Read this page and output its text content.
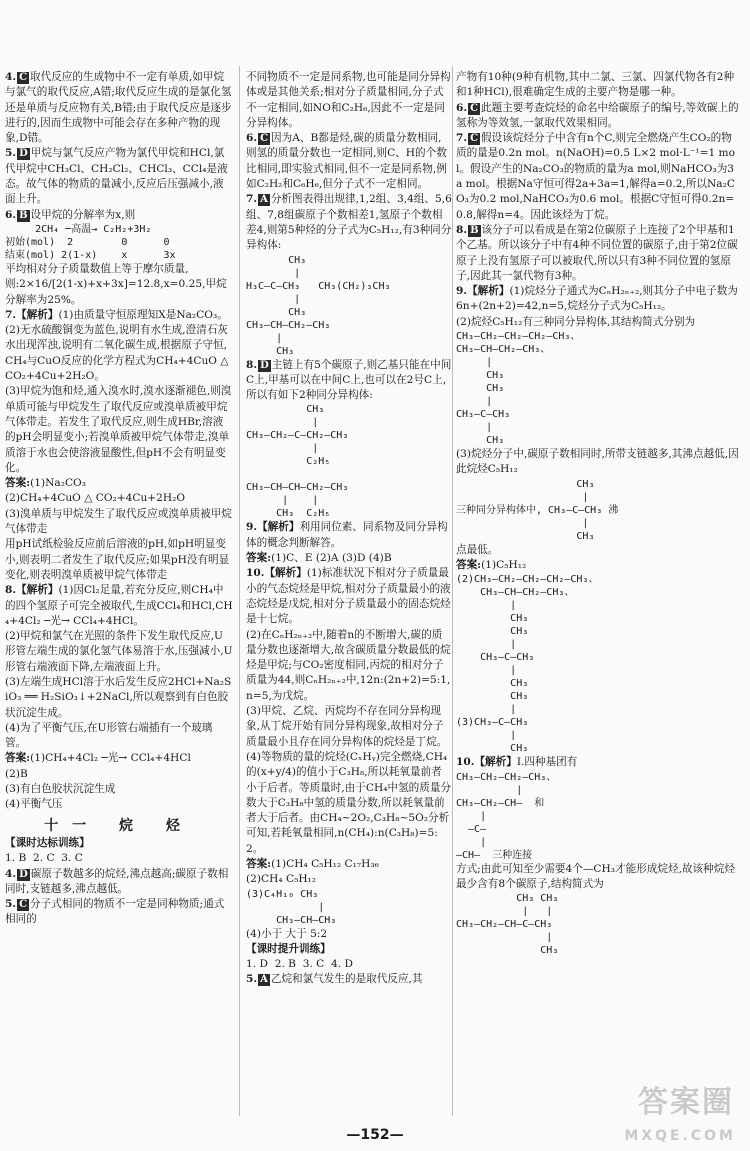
4. C 取代反应的生成物中不一定有单质,如甲烷与氯气的取代反应,A错;取代反应生成的是氯化氢还是单质与反应物有关,B错;由于取代反应是逐步进行的,因而生成物中可能会存在多种产物的现象,D错。
5. D 甲烷与氯气反应产物为氯代甲烷和HCl,氯代甲烷中CH₃Cl、CH₂Cl₂、CHCl₃、CCl₄是液态。故气体的物质的量减小,反应后压强减小,液面上升。
6. B 设甲烷的分解率为x,则
2CH₄ ─高温→ C₂H₂+3H₂
初始(mol)  2        0      0
结束(mol) 2(1-x)    x      3x
平均相对分子质量数值上等于摩尔质量,
则:2×16/[2(1-x)+x+3x]=12.8,x=0.25,甲烷分解率为25%。
7.【解析】(1)由质量守恒原理知X是Na₂CO₃。
(2)无水硫酸铜变为蓝色,说明有水生成,澄清石灰水出现浑浊,说明有二氧化碳生成,根据原子守恒,CH₄与CuO反应的化学方程式为CH₄+4CuO △ CO₂+4Cu+2H₂O。
(3)甲烷为饱和烃,通入溴水时,溴水逐渐褪色,则溴单质可能与甲烷发生了取代反应或溴单质被甲烷气体带走。若发生了取代反应,则生成HBr,溶液的pH会明显变小;若溴单质被甲烷气体带走,溴单质溶于水也会使溶液显酸性,但pH不会有明显变化。
答案:(1)Na₂CO₃
(2)CH₄+4CuO △ CO₂+4Cu+2H₂O
(3)溴单质与甲烷发生了取代反应或溴单质被甲烷气体带走
用pH试纸检验反应前后溶液的pH,如pH明显变小,则表明二者发生了取代反应;如果pH没有明显变化,则表明溴单质被甲烷气体带走
8.【解析】(1)因Cl₂足量,若充分反应,则CH₄中的四个氢原子可完全被取代,生成CCl₄和HCl,CH₄+4Cl₂ ─光→ CCl₄+4HCl。
(2)甲烷和氯气在光照的条件下发生取代反应,U形管左端生成的氯化氢气体易溶于水,压强减小,U形管右端液面下降,左端液面上升。
(3)左端生成HCl溶于水后发生反应2HCl+Na₂SiO₃ ══ H₂SiO₃↓+2NaCl,所以观察到有白色胶状沉淀生成。
(4)为了平衡气压,在U形管右端插有一个玻璃管。
答案:(1)CH₄+4Cl₂ ─光→ CCl₄+4HCl
(2)B
(3)有白色胶状沉淀生成
(4)平衡气压
十一 烷 烃
【课时达标训练】
1. B  2. C  3. C
4. D 碳原子数越多的烷烃,沸点越高;碳原子数相同时,支链越多,沸点越低。
5. C 分子式相同的物质不一定是同种物质;通式相同的
不同物质不一定是同系物,也可能是同分异构体或是其他关系;相对分子质量相同,分子式不一定相同,如NO和C₂H₆,因此不一定是同分异构体。
6. C 因为A、B都是烃,碳的质量分数相同,则氢的质量分数也一定相同,则C、H的个数比相同,即实验式相同,但不一定是同系物,例如C₂H₂和C₆H₆,但分子式不一定相同。
7. A 分析图表得出规律,1,2组、3,4组、5,6组、7,8组碳原子个数相差1,氢原子个数相差4,则第5种烃的分子式为C₅H₁₂,有3种同分异构体:
CH₃
|
H₃C—C—CH₃   CH₃(CH₂)₃CH₃
|
CH₃
CH₃—CH—CH₂—CH₃
|
CH₃
8. D 主链上有5个碳原子,则乙基只能在中间C上,甲基可以在中间C上,也可以在2号C上,所以有如下2种同分异构体:
CH₃
|
CH₃—CH₂—C—CH₂—CH₃
|
C₂H₅

CH₃—CH—CH—CH₂—CH₃
|    |
CH₃  C₂H₅
9.【解析】利用同位素、同系物及同分异构体的概念判断解答。
答案:(1)C、E (2)A (3)D (4)B
10.【解析】(1)标准状况下相对分子质量最小的气态烷烃是甲烷,相对分子质量最小的液态烷烃是戊烷,相对分子质量最小的固态烷烃是十七烷。
(2)在CₙH₂ₙ₊₂中,随着n的不断增大,碳的质量分数也逐渐增大,故含碳质量分数最低的烷烃是甲烷;与CO₂密度相同,丙烷的相对分子质量为44,则CₙH₂ₙ₊₂中,12n:(2n+2)=5:1,n=5,为戊烷。
(3)甲烷、乙烷、丙烷均不存在同分异构现象,从丁烷开始有同分异构现象,故相对分子质量最小且存在同分异构体的烷烃是丁烷。
(4)等物质的量的烷烃(CₓHᵧ)完全燃烧,CH₄的(x+y/4)的值小于C₃H₈,所以耗氧量前者小于后者。等质量时,由于CH₄中氢的质量分数大于C₃H₈中氢的质量分数,所以耗氧量前者大于后者。由CH₄~2O₂,C₃H₈~5O₂分析可知,若耗氧量相同,n(CH₄):n(C₃H₈)=5:2。
答案:(1)CH₄ C₅H₁₂ C₁₇H₃₆
(2)CH₄ C₅H₁₂
(3)C₄H₁₀ CH₃
|
CH₃—CH—CH₃
(4)小于 大于 5:2
【课时提升训练】
1. D  2. B  3. C  4. D
5. A 乙烷和氯气发生的是取代反应,其
产物有10种(9种有机物,其中二氯、三氯、四氯代物各有2种和1种HCl),很难确定生成的主要产物是哪一种。
6. C 此题主要考查烷烃的命名中给碳原子的编号,等效碳上的氢称为等效氢,一氯取代效果相同。
7. C 假设该烷烃分子中含有n个C,则完全燃烧产生CO₂的物质的量是0.2n mol。n(NaOH)=0.5 L×2 mol·L⁻¹=1 mol。假设产生的Na₂CO₃的物质的量为a mol,则NaHCO₃为3a mol。根据Na守恒可得2a+3a=1,解得a=0.2,所以Na₂CO₃为0.2 mol,NaHCO₃为0.6 mol。根据C守恒可得0.2n=0.8,解得n=4。因此该烃为丁烷。
8. B 该分子可以看成是在第2位碳原子上连接了2个甲基和1个乙基。所以该分子中有4种不同位置的碳原子,由于第2位碳原子上没有氢原子可以被取代,所以只有3种不同位置的氢原子,因此其一氯代物有3种。
9.【解析】(1)烷烃分子通式为CₙH₂ₙ₊₂,则其分子中电子数为6n+(2n+2)=42,n=5,烷烃分子式为C₅H₁₂。
(2)烷烃C₅H₁₂有三种同分异构体,其结构简式分别为
CH₃—CH₂—CH₂—CH₂—CH₃、
CH₃—CH—CH₂—CH₃、
|
CH₃
CH₃
|
CH₃—C—CH₃
|
CH₃
(3)烷烃分子中,碳原子数相同时,所带支链越多,其沸点越低,因此烷烃C₅H₁₂
CH₃
|
三种同分异构体中, CH₃—C—CH₃ 沸
|
CH₃
点最低。
答案:(1)C₅H₁₂
(2)CH₃—CH₂—CH₂—CH₂—CH₃、
CH₃—CH—CH₂—CH₃、
|
CH₃
CH₃
|
CH₃—C—CH₃
|
CH₃
CH₃
|
(3)CH₃—C—CH₃
|
CH₃
10.【解析】Ⅰ.四种基团有
CH₃—CH₂—CH₂—CH₃、
|
CH₃—CH₂—CH—  和
|
—C—
|
—CH—  三种连接
方式;由此可知至少需要4个—CH₃才能形成烷烃,故该种烷烃最少含有8个碳原子,结构简式为
CH₃ CH₃
|   |
CH₃—CH₂—CH—C—CH₃
|
CH₃
—152—
答案圈
MXQE.COM
